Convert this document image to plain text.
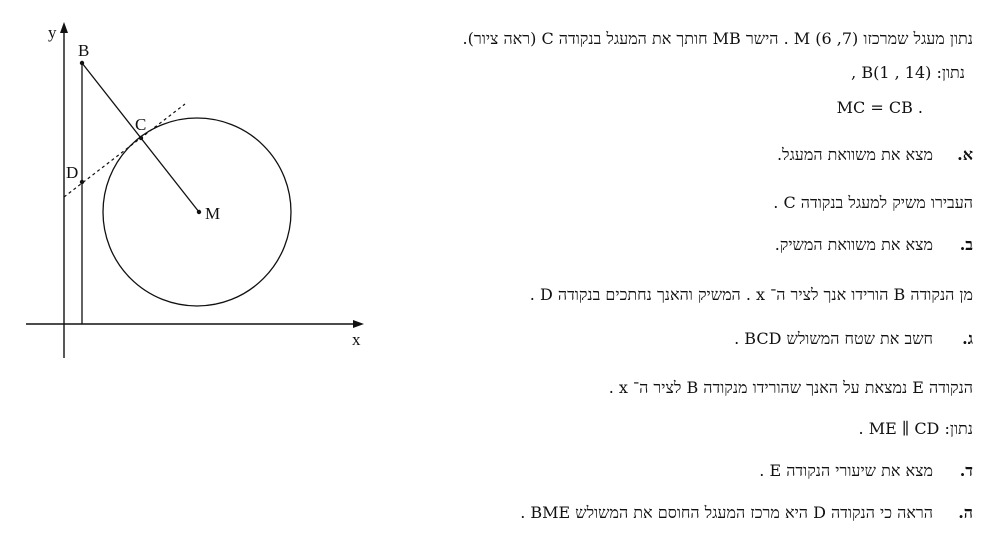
y
x
B
C
D
M
נתון מעגל שמרכזו (7, 6) M . הישר MB חותך את המעגל בנקודה C (ראה ציור).
נתון: (14 , 1)B ,
. MC = CB
א.
מצא את משוואת המעגל.
העבירו משיק למעגל בנקודה C .
ב.
מצא את משוואת המשיק.
מן הנקודה B הורידו אנך לציר ה־ x . המשיק והאנך נחתכים בנקודה D .
ג.
חשב את שטח המשולש BCD .
הנקודה E נמצאת על האנך שהורידו מנקודה B לציר ה־ x .
נתון: ME ∥ CD .
ד.
מצא את שיעורי הנקודה E .
ה.
הראה כי הנקודה D היא מרכז המעגל החוסם את המשולש BME .
